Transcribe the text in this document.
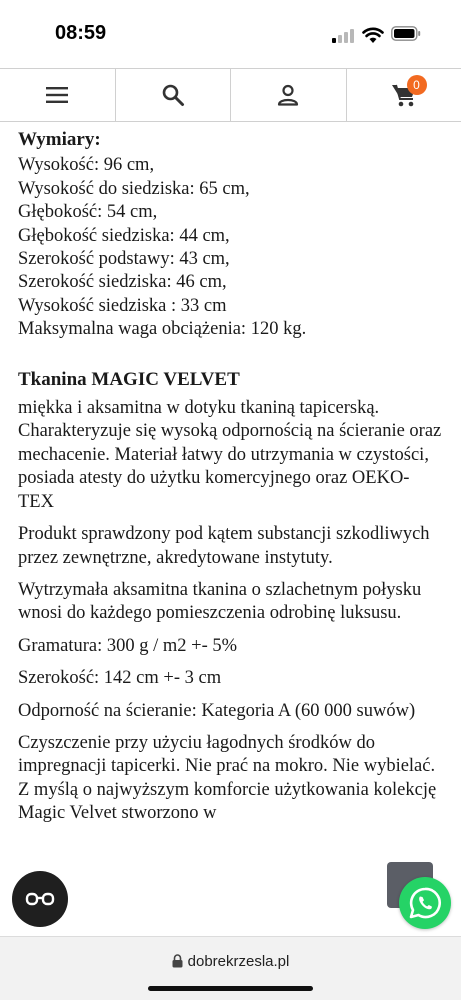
08:59
0

Wymiary:

Wysokość: 96 cm,

Wysokość do siedziska: 65 cm,

Głębokość: 54 cm,

Głębokość siedziska: 44 cm,

Szerokość podstawy: 43 cm,

Szerokość siedziska: 46 cm,

Wysokość siedziska : 33 cm

Maksymalna waga obciążenia: 120 kg.

Tkanina MAGIC VELVET

miękka i aksamitna w dotyku tkaniną tapicerską. Charakteryzuje się wysoką odpornością na ścieranie oraz mechacenie. Materiał łatwy do utrzymania w czystości, posiada atesty do użytku komercyjnego oraz OEKO-TEX

Produkt sprawdzony pod kątem substancji szkodliwych przez zewnętrzne, akredytowane instytuty.

Wytrzymała aksamitna tkanina o szlachetnym połysku wnosi do każdego pomieszczenia odrobinę luksusu.

Gramatura: 300 g / m2 +- 5%

Szerokość: 142 cm +- 3 cm

Odporność na ścieranie: Kategoria A (60 000 suwów)

Czyszczenie przy użyciu łagodnych środków do impregnacji tapicerki. Nie prać na mokro. Nie wybielać. Z myślą o najwyższym komforcie użytkowania kolekcję Magic Velvet stworzono w

dobrekrzesla.pl
